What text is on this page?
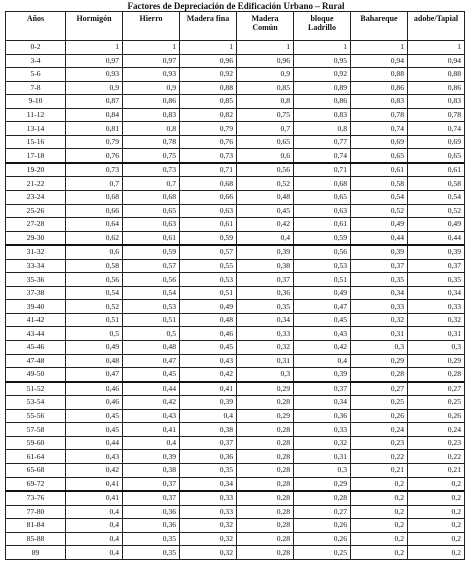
Factores de Depreciación de Edificación Urbano – Rural
Años	Hormigón	Hierro	Madera fina	Madera Común	bloque Ladrillo	Bahareque	adobe/Tapial
0-2	1	1	1	1	1	1	1
3-4	0,97	0,97	0,96	0,96	0,95	0,94	0,94
5-6	0,93	0,93	0,92	0,9	0,92	0,88	0,88
7-8	0,9	0,9	0,88	0,85	0,89	0,86	0,86
9-10	0,87	0,86	0,85	0,8	0,86	0,83	0,83
11-12	0,84	0,83	0,82	0,75	0,83	0,78	0,78
13-14	0,81	0,8	0,79	0,7	0,8	0,74	0,74
15-16	0,79	0,78	0,76	0,65	0,77	0,69	0,69
17-18	0,76	0,75	0,73	0,6	0,74	0,65	0,65
19-20	0,73	0,73	0,71	0,56	0,71	0,61	0,61
21-22	0,7	0,7	0,68	0,52	0,68	0,58	0,58
23-24	0,68	0,68	0,66	0,48	0,65	0,54	0,54
25-26	0,66	0,65	0,63	0,45	0,63	0,52	0,52
27-28	0,64	0,63	0,61	0,42	0,61	0,49	0,49
29-30	0,62	0,61	0,59	0,4	0,59	0,44	0,44
31-32	0,6	0,59	0,57	0,39	0,56	0,39	0,39
33-34	0,58	0,57	0,55	0,38	0,53	0,37	0,37
35-36	0,56	0,56	0,53	0,37	0,51	0,35	0,35
37-38	0,54	0,54	0,51	0,36	0,49	0,34	0,34
39-40	0,52	0,53	0,49	0,35	0,47	0,33	0,33
41-42	0,51	0,51	0,48	0,34	0,45	0,32	0,32
43-44	0,5	0,5	0,46	0,33	0,43	0,31	0,31
45-46	0,49	0,48	0,45	0,32	0,42	0,3	0,3
47-48	0,48	0,47	0,43	0,31	0,4	0,29	0,29
49-50	0,47	0,45	0,42	0,3	0,39	0,28	0,28
51-52	0,46	0,44	0,41	0,29	0,37	0,27	0,27
53-54	0,46	0,42	0,39	0,28	0,34	0,25	0,25
55-56	0,45	0,43	0,4	0,29	0,36	0,26	0,26
57-58	0,45	0,41	0,38	0,28	0,33	0,24	0,24
59-60	0,44	0,4	0,37	0,28	0,32	0,23	0,23
61-64	0,43	0,39	0,36	0,28	0,31	0,22	0,22
65-68	0,42	0,38	0,35	0,28	0,3	0,21	0,21
69-72	0,41	0,37	0,34	0,28	0,29	0,2	0,2
73-76	0,41	0,37	0,33	0,28	0,28	0,2	0,2
77-80	0,4	0,36	0,33	0,28	0,27	0,2	0,2
81-84	0,4	0,36	0,32	0,28	0,26	0,2	0,2
85-88	0,4	0,35	0,32	0,28	0,26	0,2	0,2
89	0,4	0,35	0,32	0,28	0,25	0,2	0,2
